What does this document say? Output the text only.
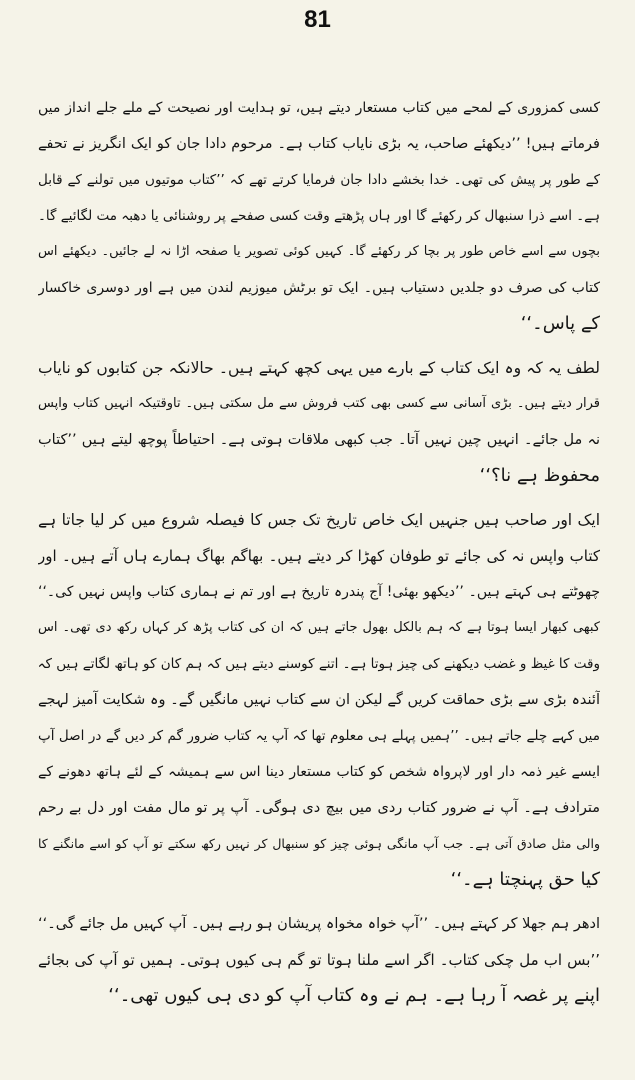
81
کسی کمزوری کے لمحے میں کتاب مستعار دیتے ہیں، تو ہدایت اور نصیحت کے ملے جلے انداز میں
فرماتے ہیں! ’’دیکھئے صاحب، یہ بڑی نایاب کتاب ہے۔ مرحوم دادا جان کو ایک انگریز نے تحفے
کے طور پر پیش کی تھی۔ خدا بخشے دادا جان فرمایا کرتے تھے کہ ’’کتاب موتیوں میں تولنے کے قابل
ہے۔ اسے ذرا سنبھال کر رکھئے گا اور ہاں پڑھتے وقت کسی صفحے پر روشنائی یا دھبہ مت لگائیے گا۔
بچوں سے اسے خاص طور پر بچا کر رکھئے گا۔ کہیں کوئی تصویر یا صفحہ اڑا نہ لے جائیں۔ دیکھئے اس
کتاب کی صرف دو جلدیں دستیاب ہیں۔ ایک تو برٹش میوزیم لندن میں ہے اور دوسری خاکسار
کے پاس۔‘‘
لطف یہ کہ وہ ایک کتاب کے بارے میں یہی کچھ کہتے ہیں۔ حالانکہ جن کتابوں کو نایاب
قرار دیتے ہیں۔ بڑی آسانی سے کسی بھی کتب فروش سے مل سکتی ہیں۔ تاوقتیکہ انہیں کتاب واپس
نہ مل جائے۔ انہیں چین نہیں آتا۔ جب کبھی ملاقات ہوتی ہے۔ احتیاطاً پوچھ لیتے ہیں ’’کتاب
محفوظ ہے نا؟‘‘
ایک اور صاحب ہیں جنہیں ایک خاص تاریخ تک جس کا فیصلہ شروع میں کر لیا جاتا ہے
کتاب واپس نہ کی جائے تو طوفان کھڑا کر دیتے ہیں۔ بھاگم بھاگ ہمارے ہاں آتے ہیں۔ اور
چھوٹتے ہی کہتے ہیں۔ ’’دیکھو بھئی! آج پندرہ تاریخ ہے اور تم نے ہماری کتاب واپس نہیں کی۔‘‘
کبھی کبھار ایسا ہوتا ہے کہ ہم بالکل بھول جاتے ہیں کہ ان کی کتاب پڑھ کر کہاں رکھ دی تھی۔ اس
وقت کا غیظ و غضب دیکھنے کی چیز ہوتا ہے۔ اتنے کوسنے دیتے ہیں کہ ہم کان کو ہاتھ لگاتے ہیں کہ
آئندہ بڑی سے بڑی حماقت کریں گے لیکن ان سے کتاب نہیں مانگیں گے۔ وہ شکایت آمیز لہجے
میں کہے چلے جاتے ہیں۔ ’’ہمیں پہلے ہی معلوم تھا کہ آپ یہ کتاب ضرور گم کر دیں گے در اصل آپ
ایسے غیر ذمہ دار اور لاپرواہ شخص کو کتاب مستعار دینا اس سے ہمیشہ کے لئے ہاتھ دھونے کے
مترادف ہے۔ آپ نے ضرور کتاب ردی میں بیچ دی ہوگی۔ آپ پر تو مال مفت اور دل بے رحم
والی مثل صادق آتی ہے۔ جب آپ مانگی ہوئی چیز کو سنبھال کر نہیں رکھ سکتے تو آپ کو اسے مانگنے کا
کیا حق پہنچتا ہے۔‘‘
ادھر ہم جھلا کر کہتے ہیں۔ ’’آپ خواہ مخواہ پریشان ہو رہے ہیں۔ آپ کہیں مل جائے گی۔‘‘
’’بس اب مل چکی کتاب۔ اگر اسے ملنا ہوتا تو گم ہی کیوں ہوتی۔ ہمیں تو آپ کی بجائے
اپنے پر غصہ آ رہا ہے۔ ہم نے وہ کتاب آپ کو دی ہی کیوں تھی۔‘‘
